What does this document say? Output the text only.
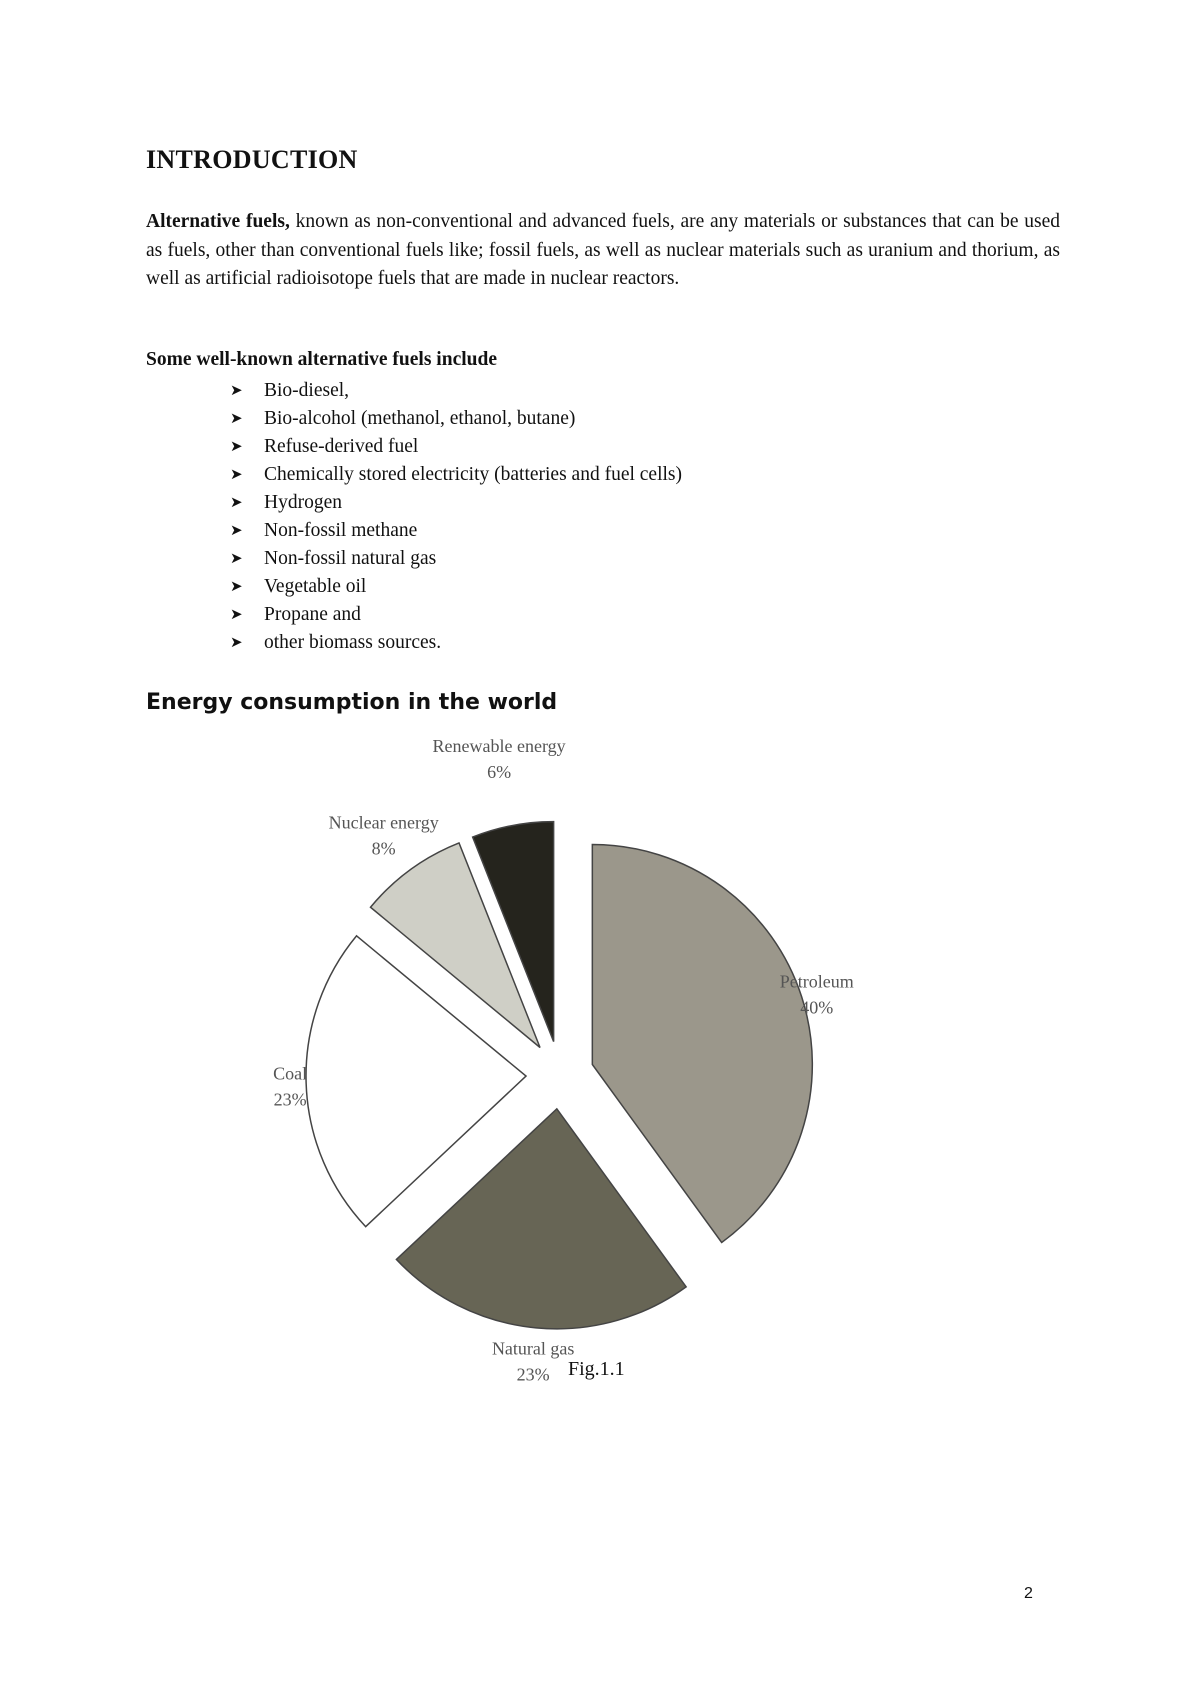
INTRODUCTION
Alternative fuels, known as non-conventional and advanced fuels, are any materials or substances that can be used as fuels, other than conventional fuels like; fossil fuels, as well as nuclear materials such as uranium and thorium, as well as artificial radioisotope fuels that are made in nuclear reactors.
Some well-known alternative fuels include
➤	Bio-diesel,
➤	Bio-alcohol (methanol, ethanol, butane)
➤	Refuse-derived fuel
➤	Chemically stored electricity (batteries and fuel cells)
➤	Hydrogen
➤	Non-fossil methane
➤	Non-fossil natural gas
➤	Vegetable oil
➤	Propane and
➤	other biomass sources.
Energy consumption in the world
Petroleum
40%
Natural gas
23%
Coal
23%
Nuclear energy
8%
Renewable energy
6%
Fig.1.1
2
